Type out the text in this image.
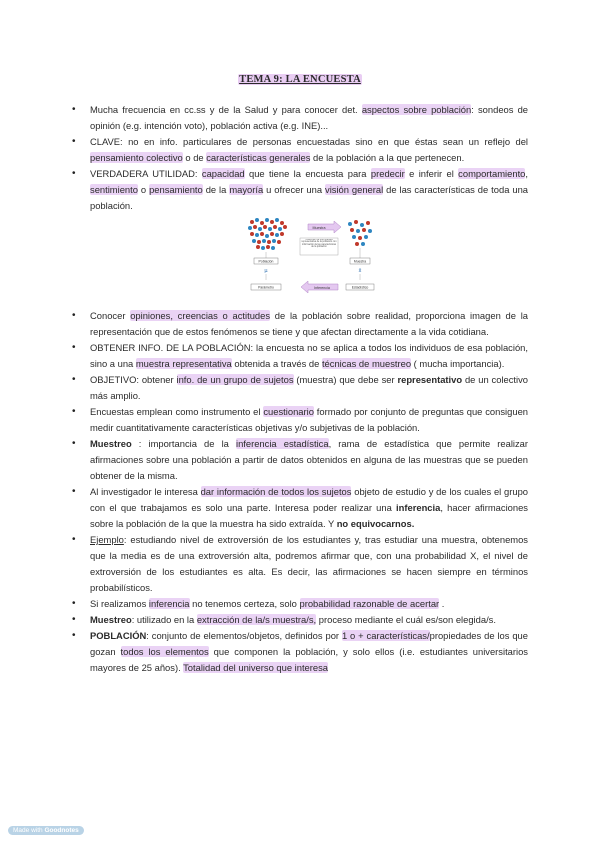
TEMA 9: LA ENCUESTA
• Mucha frecuencia en cc.ss y de la Salud y para conocer det. aspectos sobre población: sondeos de opinión (e.g. intención voto), población activa (e.g. INE)...
• CLAVE: no en info. particulares de personas encuestadas sino en que éstas sean un reflejo del pensamiento colectivo o de características generales de la población a la que pertenecen.
• VERDADERA UTILIDAD: capacidad que tiene la encuesta para predecir e inferir el comportamiento, sentimiento o pensamiento de la mayoría u ofrecer una visión general de las características de toda una población.
Muestra
Obtención de una muestra representativa de la población con información de las características de la población
Población	Muestra
μ	x̄
Parámetro	Inferencia	Estadístico
• Conocer opiniones, creencias o actitudes de la población sobre realidad, proporciona imagen de la representación que de estos fenómenos se tiene y que afectan directamente a la vida cotidiana.
• OBTENER INFO. DE LA POBLACIÓN: la encuesta no se aplica a todos los individuos de esa población, sino a una muestra representativa obtenida a través de técnicas de muestreo ( mucha importancia).
• OBJETIVO: obtener info. de un grupo de sujetos (muestra) que debe ser representativo de un colectivo más amplio.
• Encuestas emplean como instrumento el cuestionario formado por conjunto de preguntas que consiguen medir cuantitativamente características objetivas y/o subjetivas de la población.
• Muestreo : importancia de la inferencia estadística, rama de estadística que permite realizar afirmaciones sobre una población a partir de datos obtenidos en alguna de las muestras que se pueden obtener de la misma.
• Al investigador le interesa dar información de todos los sujetos objeto de estudio y de los cuales el grupo con el que trabajamos es solo una parte. Interesa poder realizar una inferencia, hacer afirmaciones sobre la población de la que la muestra ha sido extraída. Y no equivocarnos.
• Ejemplo: estudiando nivel de extroversión de los estudiantes y, tras estudiar una muestra, obtenemos que la media es de una extroversión alta, podremos afirmar que, con una probabilidad X, el nivel de extroversión de los estudiantes es alta. Es decir, las afirmaciones se hacen siempre en términos probabilísticos.
• Si realizamos inferencia no tenemos certeza, solo probabilidad razonable de acertar .
• Muestreo: utilizado en la extracción de la/s muestra/s, proceso mediante el cuál es/son elegida/s.
• POBLACIÓN: conjunto de elementos/objetos, definidos por 1 o + características/propiedades de los que gozan todos los elementos que componen la población, y solo ellos (i.e. estudiantes universitarios mayores de 25 años). Totalidad del universo que interesa
Made with Goodnotes
